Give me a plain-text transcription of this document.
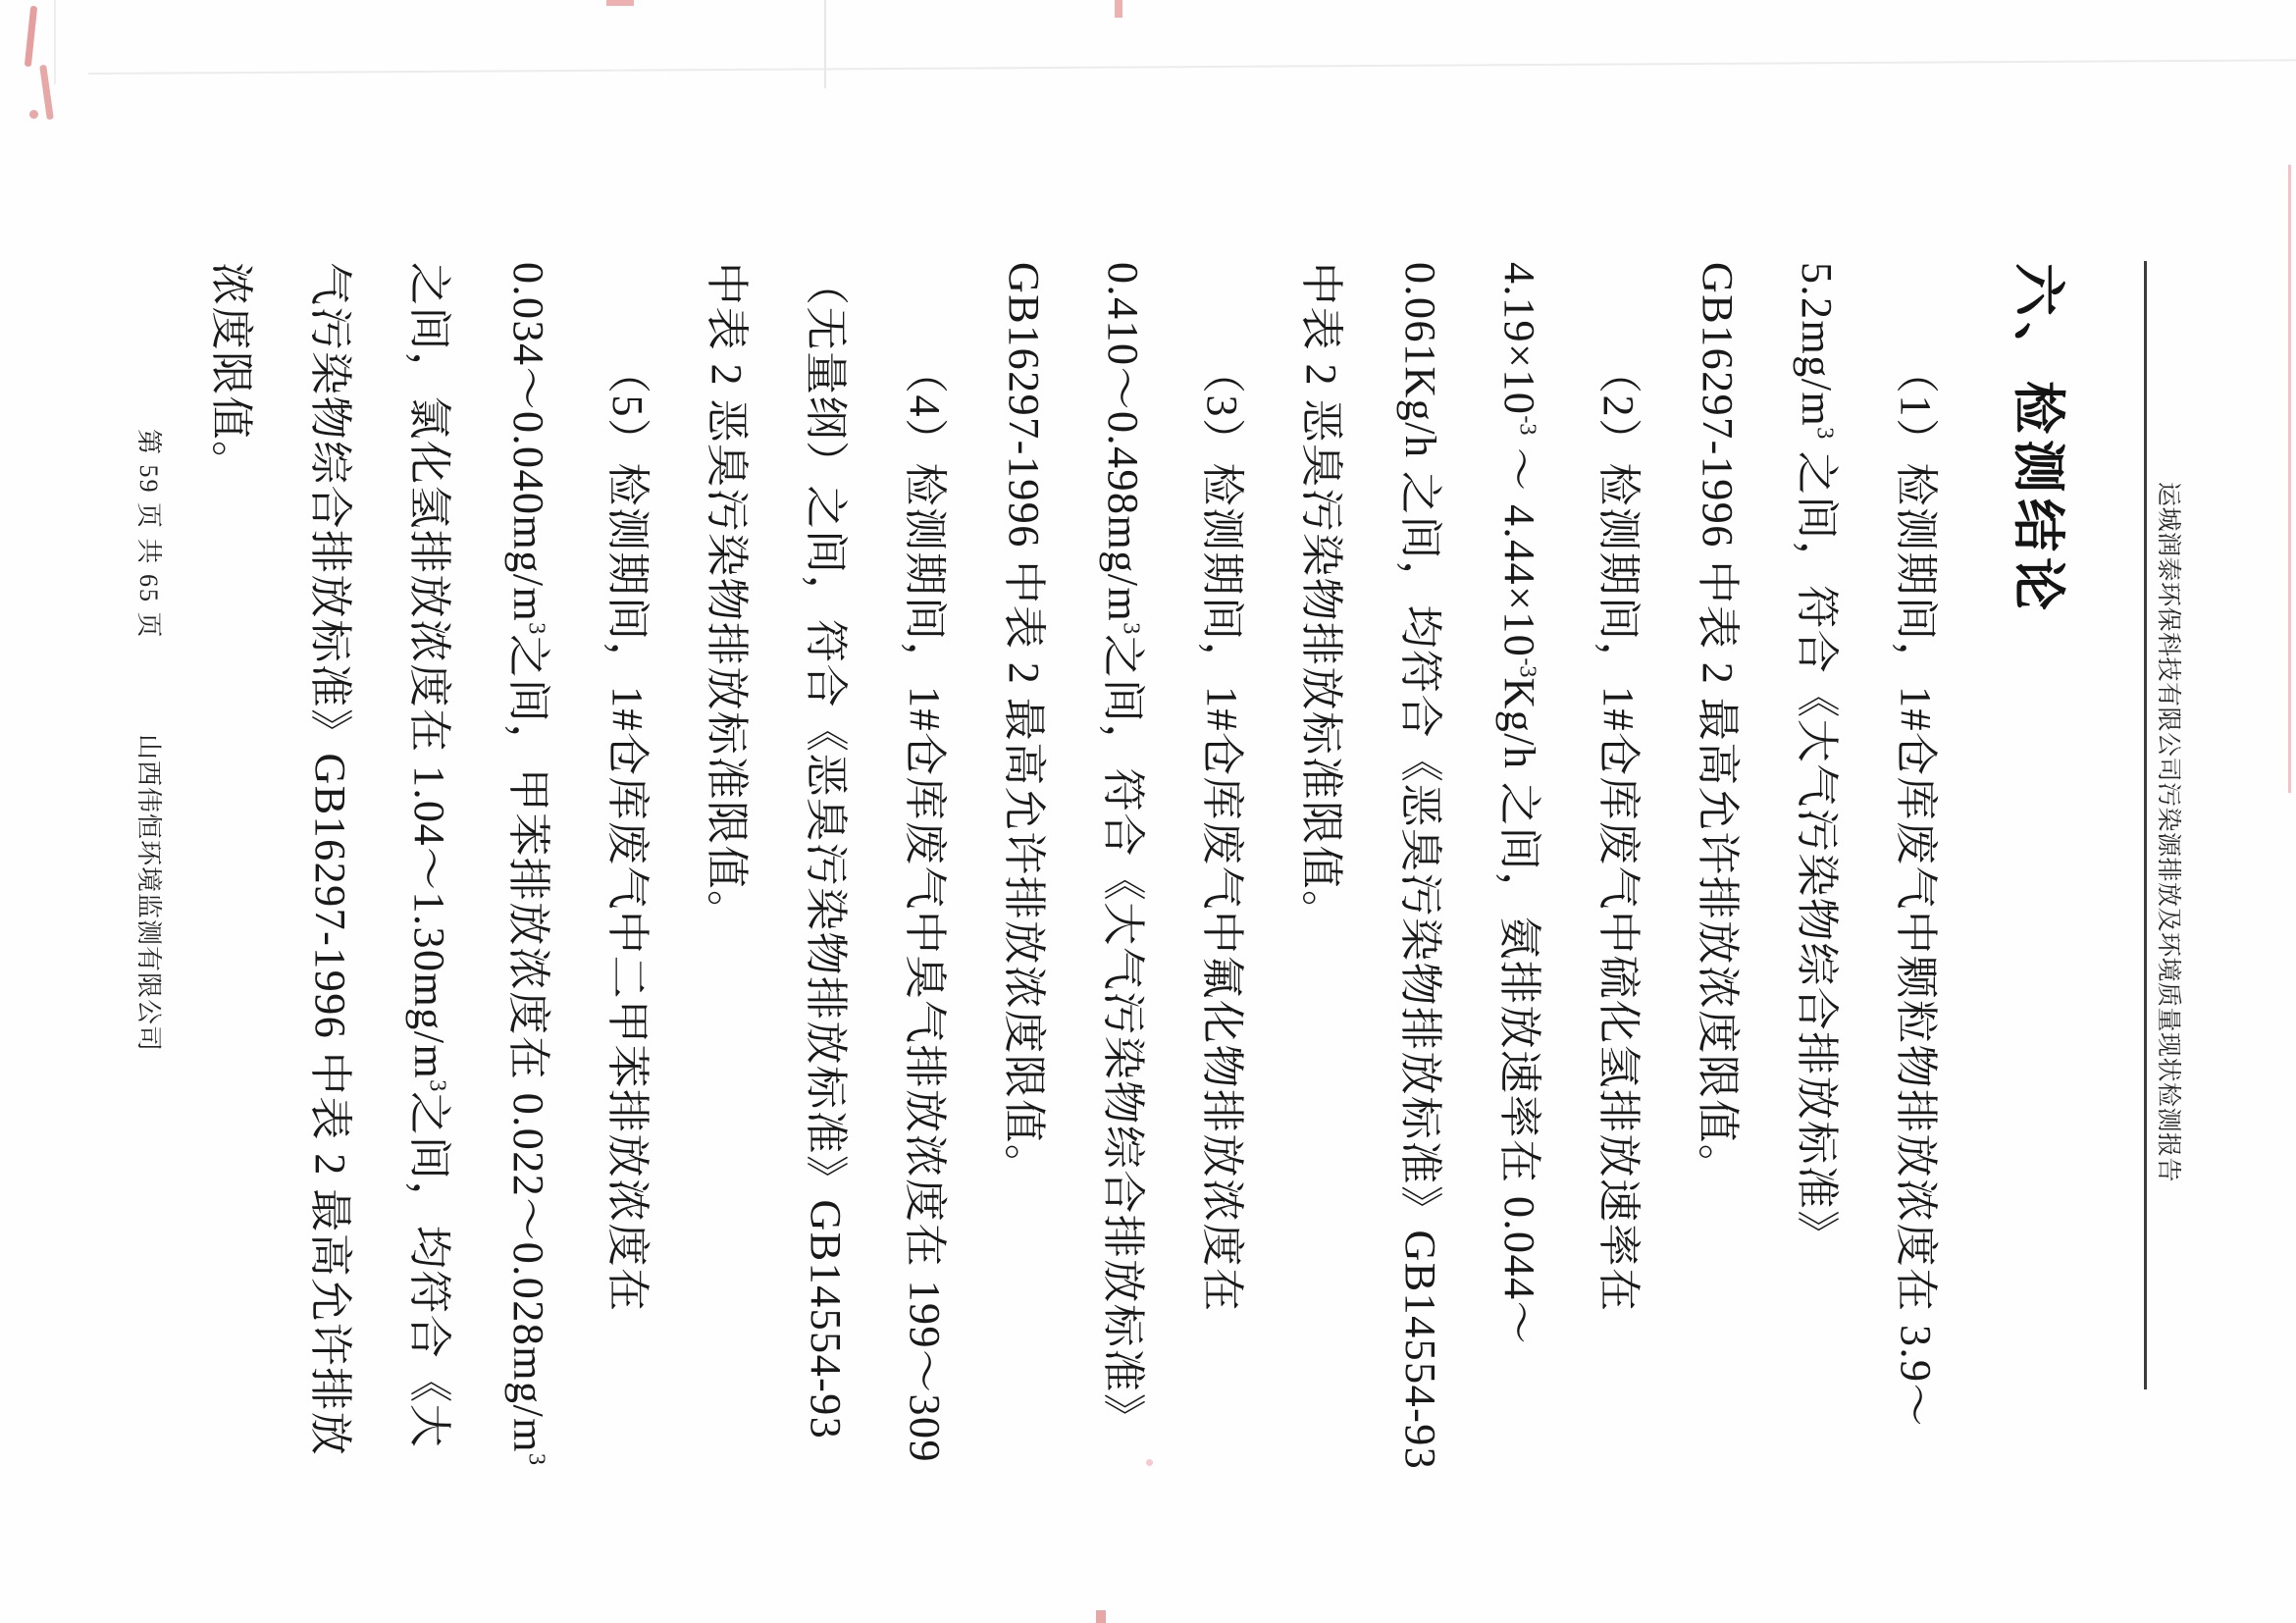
运城润泰环保科技有限公司污染源排放及环境质量现状检测报告
六、检测结论
（1）检测期间，1#仓库废气中颗粒物排放浓度在 3.9～
$5.2mg/m^3$ 之间，符合《大气污染物综合排放标准》
GB16297-1996 中表 2 最高允许排放浓度限值。
（2）检测期间，1#仓库废气中硫化氢排放速率在
$4.19\times 10^{-3}$ ～ $4.44\times 10^{-3}Kg/h$ 之间，氨排放速率在 0.044～
0.061Kg/h 之间，均符合《恶臭污染物排放标准》GB14554-93
中表 2 恶臭污染物排放标准限值。
（3）检测期间，1#仓库废气中氟化物排放浓度在
$0.410\sim 0.498mg/m^3$之间，符合《大气污染物综合排放标准》
GB16297-1996 中表 2 最高允许排放浓度限值。
（4）检测期间，1#仓库废气中臭气排放浓度在 199～309
（无量纲）之间，符合《恶臭污染物排放标准》GB14554-93
中表 2 恶臭污染物排放标准限值。
（5）检测期间，1#仓库废气中二甲苯排放浓度在
$0.034\sim 0.040mg/m^3$之间，甲苯排放浓度在 $0.022\sim 0.028mg/m^3$
之间，氯化氢排放浓度在 $1.04\sim 1.30mg/m^3$之间，均符合《大
气污染物综合排放标准》GB16297-1996 中表 2 最高允许排放
浓度限值。
第 59 页 共 65 页
山西伟恒环境监测有限公司
